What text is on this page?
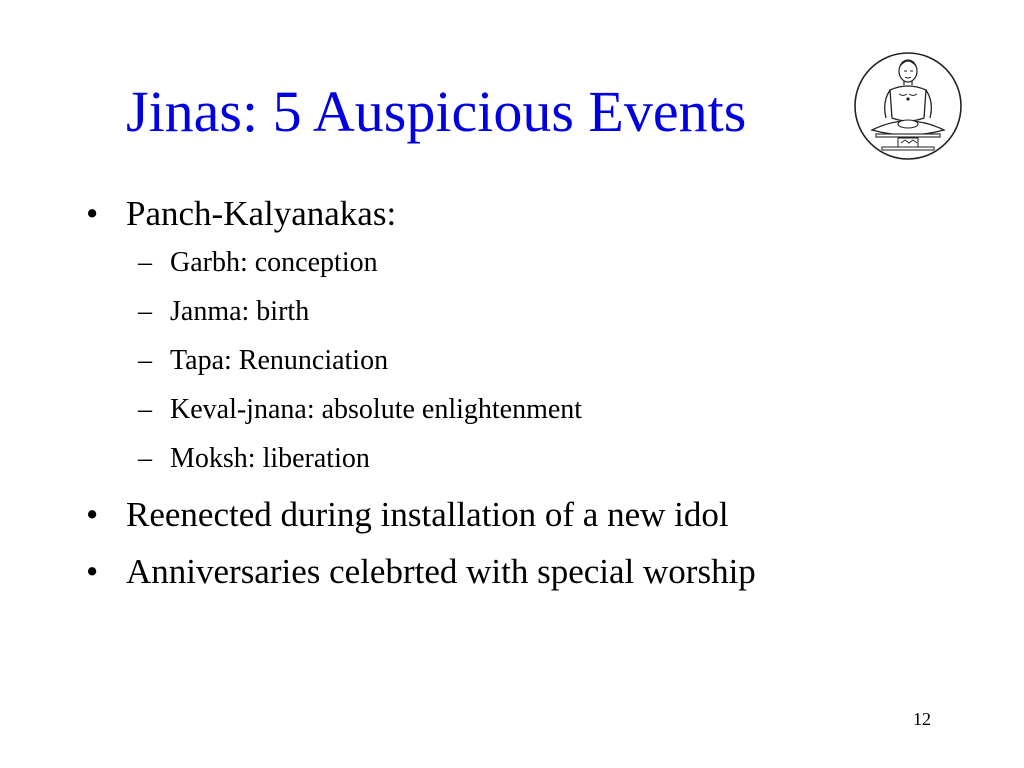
Jinas: 5 Auspicious Events
• Panch-Kalyanakas:
– Garbh: conception
– Janma: birth
– Tapa: Renunciation
– Keval-jnana: absolute enlightenment
– Moksh: liberation
• Reenected during installation of a new idol
• Anniversaries celebrted with special worship
12
